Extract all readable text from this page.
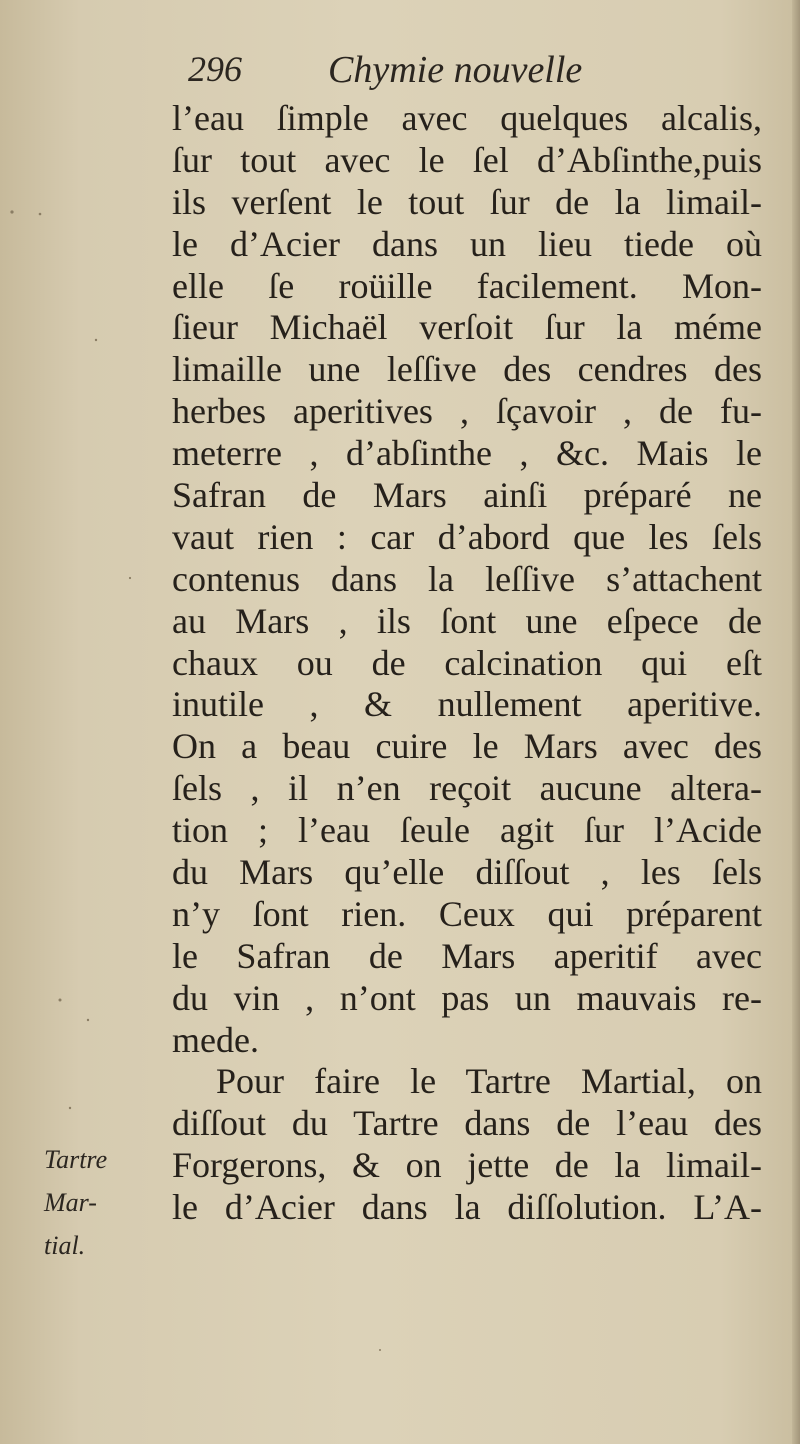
296 Chymie nouvelle
l’eau ſimple avec quelques alcalis,
ſur tout avec le ſel d’Abſinthe,puis
ils verſent le tout ſur de la limail-
le d’Acier dans un lieu tiede où
elle ſe roüille facilement. Mon-
ſieur Michaël verſoit ſur la méme
limaille une leſſive des cendres des
herbes aperitives , ſçavoir , de fu-
meterre , d’abſinthe , &c. Mais le
Safran de Mars ainſi préparé ne
vaut rien : car d’abord que les ſels
contenus dans la leſſive s’attachent
au Mars , ils ſont une eſpece de
chaux ou de calcination qui eſt
inutile , & nullement aperitive.
On a beau cuire le Mars avec des
ſels , il n’en reçoit aucune altera-
tion ; l’eau ſeule agit ſur l’Acide
du Mars qu’elle diſſout , les ſels
n’y ſont rien. Ceux qui préparent
le Safran de Mars aperitif avec
du vin , n’ont pas un mauvais re-
mede.
Pour faire le Tartre Martial, on
diſſout du Tartre dans de l’eau des
Forgerons, & on jette de la limail-
le d’Acier dans la diſſolution. L’A-
Tartre
Mar-
tial.
